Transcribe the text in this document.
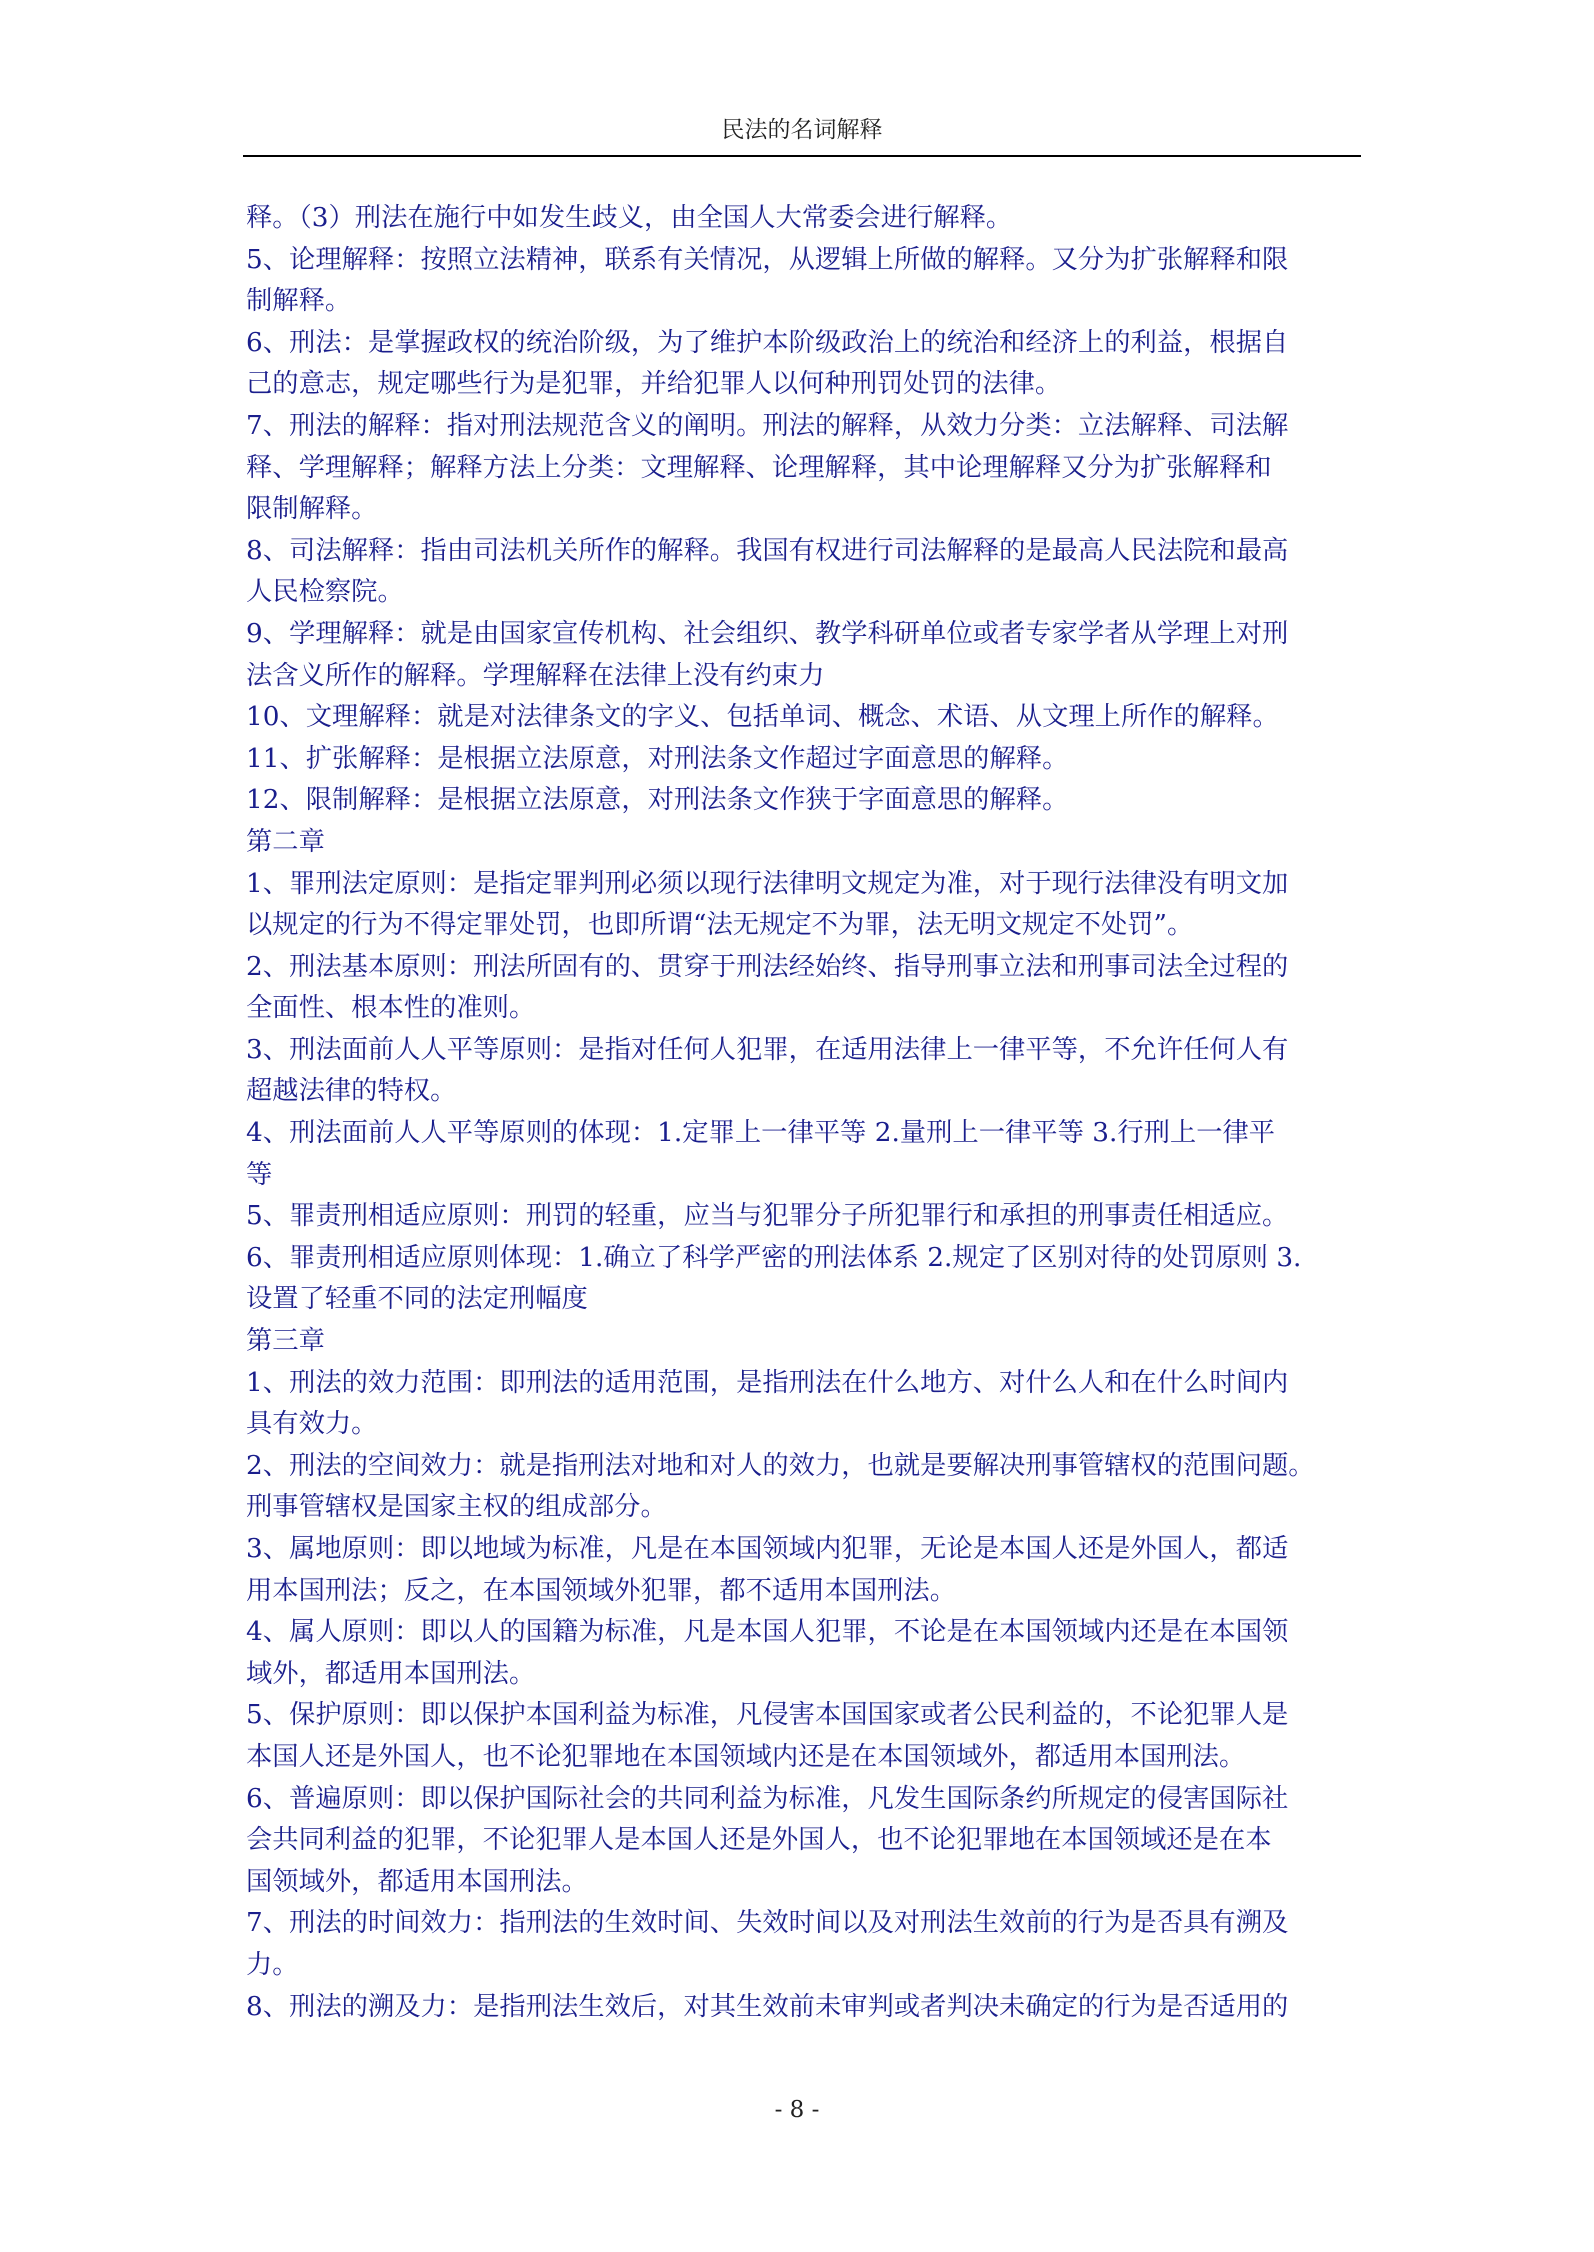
民法的名词解释
释。（3）刑法在施行中如发生歧义，由全国人大常委会进行解释。
5、论理解释：按照立法精神，联系有关情况，从逻辑上所做的解释。又分为扩张解释和限
制解释。
6、刑法：是掌握政权的统治阶级，为了维护本阶级政治上的统治和经济上的利益，根据自
己的意志，规定哪些行为是犯罪，并给犯罪人以何种刑罚处罚的法律。
7、刑法的解释：指对刑法规范含义的阐明。刑法的解释，从效力分类：立法解释、司法解
释、学理解释；解释方法上分类：文理解释、论理解释，其中论理解释又分为扩张解释和
限制解释。
8、司法解释：指由司法机关所作的解释。我国有权进行司法解释的是最高人民法院和最高
人民检察院。
9、学理解释：就是由国家宣传机构、社会组织、教学科研单位或者专家学者从学理上对刑
法含义所作的解释。学理解释在法律上没有约束力
10、文理解释：就是对法律条文的字义、包括单词、概念、术语、从文理上所作的解释。
11、扩张解释：是根据立法原意，对刑法条文作超过字面意思的解释。
12、限制解释：是根据立法原意，对刑法条文作狭于字面意思的解释。
第二章
1、罪刑法定原则：是指定罪判刑必须以现行法律明文规定为准，对于现行法律没有明文加
以规定的行为不得定罪处罚，也即所谓“法无规定不为罪，法无明文规定不处罚”。
2、刑法基本原则：刑法所固有的、贯穿于刑法经始终、指导刑事立法和刑事司法全过程的
全面性、根本性的准则。
3、刑法面前人人平等原则：是指对任何人犯罪，在适用法律上一律平等，不允许任何人有
超越法律的特权。
4、刑法面前人人平等原则的体现：1.定罪上一律平等 2.量刑上一律平等 3.行刑上一律平
等
5、罪责刑相适应原则：刑罚的轻重，应当与犯罪分子所犯罪行和承担的刑事责任相适应。
6、罪责刑相适应原则体现：1.确立了科学严密的刑法体系 2.规定了区别对待的处罚原则 3.
设置了轻重不同的法定刑幅度
第三章
1、刑法的效力范围：即刑法的适用范围，是指刑法在什么地方、对什么人和在什么时间内
具有效力。
2、刑法的空间效力：就是指刑法对地和对人的效力，也就是要解决刑事管辖权的范围问题。
刑事管辖权是国家主权的组成部分。
3、属地原则：即以地域为标准，凡是在本国领域内犯罪，无论是本国人还是外国人，都适
用本国刑法；反之，在本国领域外犯罪，都不适用本国刑法。
4、属人原则：即以人的国籍为标准，凡是本国人犯罪，不论是在本国领域内还是在本国领
域外，都适用本国刑法。
5、保护原则：即以保护本国利益为标准，凡侵害本国国家或者公民利益的，不论犯罪人是
本国人还是外国人，也不论犯罪地在本国领域内还是在本国领域外，都适用本国刑法。
6、普遍原则：即以保护国际社会的共同利益为标准，凡发生国际条约所规定的侵害国际社
会共同利益的犯罪，不论犯罪人是本国人还是外国人，也不论犯罪地在本国领域还是在本
国领域外，都适用本国刑法。
7、刑法的时间效力：指刑法的生效时间、失效时间以及对刑法生效前的行为是否具有溯及
力。
8、刑法的溯及力：是指刑法生效后，对其生效前未审判或者判决未确定的行为是否适用的
- 8 -
